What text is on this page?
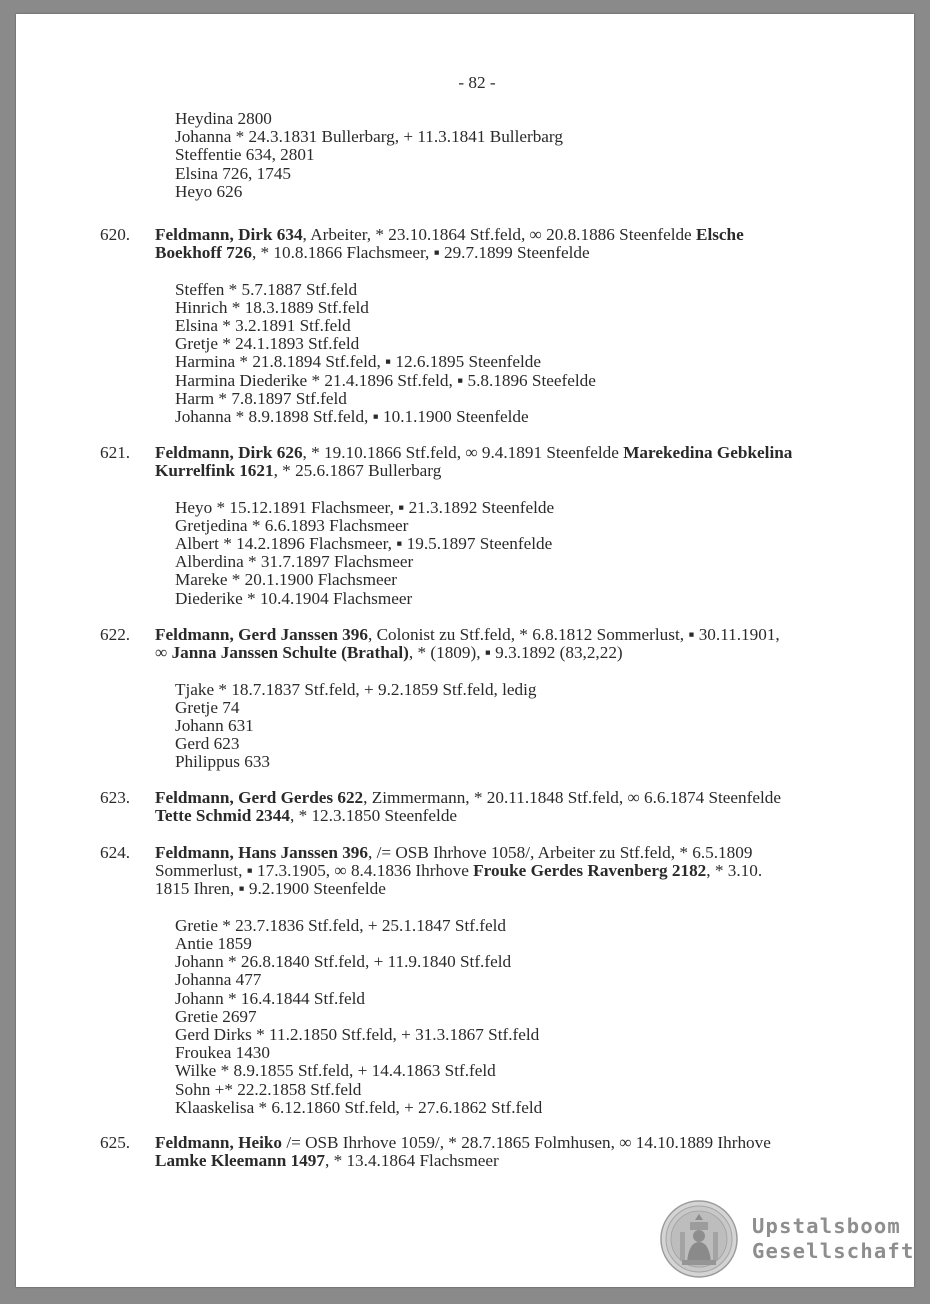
- 82 -
Heydina 2800
Johanna * 24.3.1831 Bullerbarg, + 11.3.1841 Bullerbarg
Steffentie 634, 2801
Elsina 726, 1745
Heyo 626
620. Feldmann, Dirk 634, Arbeiter, * 23.10.1864 Stf.feld, ∞ 20.8.1886 Steenfelde Elsche
Boekhoff 726, * 10.8.1866 Flachsmeer, ▪ 29.7.1899 Steenfelde
Steffen * 5.7.1887 Stf.feld
Hinrich * 18.3.1889 Stf.feld
Elsina * 3.2.1891 Stf.feld
Gretje * 24.1.1893 Stf.feld
Harmina * 21.8.1894 Stf.feld, ▪ 12.6.1895 Steenfelde
Harmina Diederike * 21.4.1896 Stf.feld, ▪ 5.8.1896 Steefelde
Harm * 7.8.1897 Stf.feld
Johanna * 8.9.1898 Stf.feld, ▪ 10.1.1900 Steenfelde
621. Feldmann, Dirk 626, * 19.10.1866 Stf.feld, ∞ 9.4.1891 Steenfelde Marekedina Gebkelina
Kurrelfink 1621, * 25.6.1867 Bullerbarg
Heyo * 15.12.1891 Flachsmeer, ▪ 21.3.1892 Steenfelde
Gretjedina * 6.6.1893 Flachsmeer
Albert * 14.2.1896 Flachsmeer, ▪ 19.5.1897 Steenfelde
Alberdina * 31.7.1897 Flachsmeer
Mareke * 20.1.1900 Flachsmeer
Diederike * 10.4.1904 Flachsmeer
622. Feldmann, Gerd Janssen 396, Colonist zu Stf.feld, * 6.8.1812 Sommerlust, ▪ 30.11.1901,
∞ Janna Janssen Schulte (Brathal), * (1809), ▪ 9.3.1892 (83,2,22)
Tjake * 18.7.1837 Stf.feld, + 9.2.1859 Stf.feld, ledig
Gretje 74
Johann 631
Gerd 623
Philippus 633
623. Feldmann, Gerd Gerdes 622, Zimmermann, * 20.11.1848 Stf.feld, ∞ 6.6.1874 Steenfelde
Tette Schmid 2344, * 12.3.1850 Steenfelde
624. Feldmann, Hans Janssen 396, /= OSB Ihrhove 1058/, Arbeiter zu Stf.feld, * 6.5.1809
Sommerlust, ▪ 17.3.1905, ∞ 8.4.1836 Ihrhove Frouke Gerdes Ravenberg 2182, * 3.10.
1815 Ihren, ▪ 9.2.1900 Steenfelde
Gretie * 23.7.1836 Stf.feld, + 25.1.1847 Stf.feld
Antie 1859
Johann * 26.8.1840 Stf.feld, + 11.9.1840 Stf.feld
Johanna 477
Johann * 16.4.1844 Stf.feld
Gretie 2697
Gerd Dirks * 11.2.1850 Stf.feld, + 31.3.1867 Stf.feld
Froukea 1430
Wilke * 8.9.1855 Stf.feld, + 14.4.1863 Stf.feld
Sohn +* 22.2.1858 Stf.feld
Klaaskelisa * 6.12.1860 Stf.feld, + 27.6.1862 Stf.feld
625. Feldmann, Heiko /= OSB Ihrhove 1059/, * 28.7.1865 Folmhusen, ∞ 14.10.1889 Ihrhove
Lamke Kleemann 1497, * 13.4.1864 Flachsmeer
Upstalsboom
Gesellschaft
